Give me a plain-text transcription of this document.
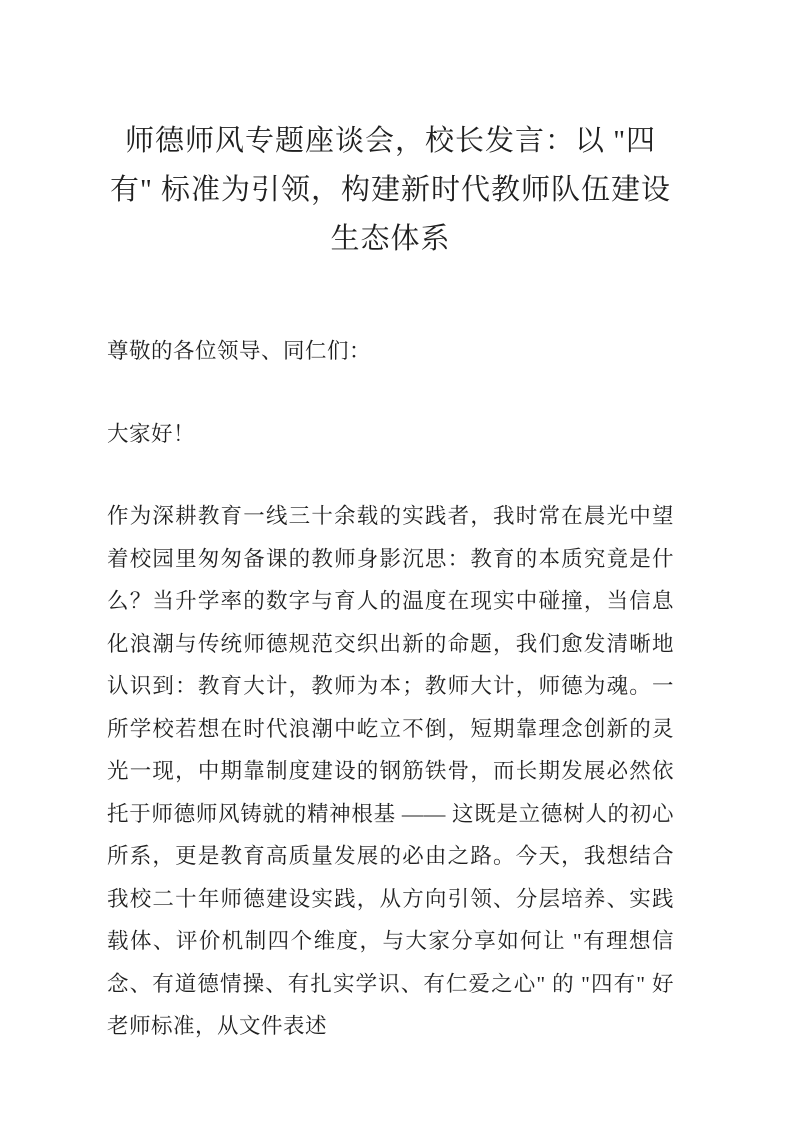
师德师风专题座谈会，校长发言：以 "四有" 标准为引领，构建新时代教师队伍建设生态体系

尊敬的各位领导、同仁们：

大家好！

作为深耕教育一线三十余载的实践者，我时常在晨光中望着校园里匆匆备课的教师身影沉思：教育的本质究竟是什么？当升学率的数字与育人的温度在现实中碰撞，当信息化浪潮与传统师德规范交织出新的命题，我们愈发清晰地认识到：教育大计，教师为本；教师大计，师德为魂。一所学校若想在时代浪潮中屹立不倒，短期靠理念创新的灵光一现，中期靠制度建设的钢筋铁骨，而长期发展必然依托于师德师风铸就的精神根基 —— 这既是立德树人的初心所系，更是教育高质量发展的必由之路。今天，我想结合我校二十年师德建设实践，从方向引领、分层培养、实践载体、评价机制四个维度，与大家分享如何让 "有理想信念、有道德情操、有扎实学识、有仁爱之心" 的 "四有" 好老师标准，从文件表述
